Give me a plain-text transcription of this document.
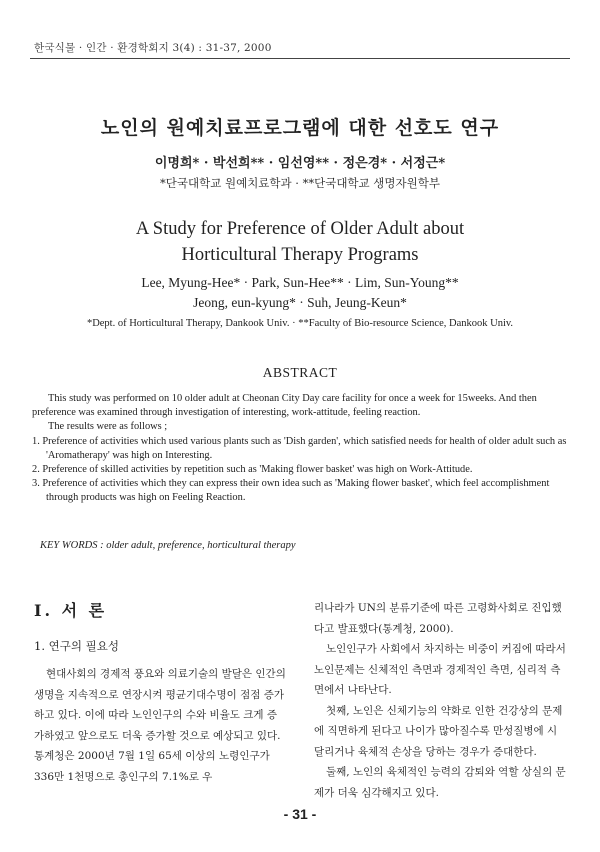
한국식물 · 인간 · 환경학회지 3(4) : 31-37, 2000
노인의 원예치료프로그램에 대한 선호도 연구
이명희* · 박선희** · 임선영** · 정은경* · 서정근*
*단국대학교 원예치료학과 · **단국대학교 생명자원학부
A Study for Preference of Older Adult about
Horticultural Therapy Programs
Lee, Myung-Hee* · Park, Sun-Hee** · Lim, Sun-Young**
Jeong, eun-kyung* · Suh, Jeung-Keun*
*Dept. of Horticultural Therapy, Dankook Univ. · **Faculty of Bio-resource Science, Dankook Univ.
ABSTRACT

This study was performed on 10 older adult at Cheonan City Day care facility for once a week for 15weeks. And then preference was examined through investigation of interesting, work-attitude, feeling reaction.

The results were as follows ;

1. Preference of activities which used various plants such as 'Dish garden', which satisfied needs for health of older adult such as 'Aromatherapy' was high on Interesting.

2. Preference of skilled activities by repetition such as 'Making flower basket' was high on Work-Attitude.

3. Preference of activities which they can express their own idea such as 'Making flower basket', which feel accomplishment through products was high on Feeling Reaction.

KEY WORDS : older adult, preference, horticultural therapy
Ⅰ. 서 론
1. 연구의 필요성

현대사회의 경제적 풍요와 의료기술의 발달은 인간의 생명을 지속적으로 연장시켜 평균기대수명이 점점 증가하고 있다. 이에 따라 노인인구의 수와 비율도 크게 증가하였고 앞으로도 더욱 증가할 것으로 예상되고 있다. 통계청은 2000년 7월 1일 65세 이상의 노령인구가 336만 1천명으로 총인구의 7.1%로 우

리나라가 UN의 분류기준에 따른 고령화사회로 진입했다고 발표했다(통계청, 2000).

노인인구가 사회에서 차지하는 비중이 커짐에 따라서 노인문제는 신체적인 측면과 경제적인 측면, 심리적 측면에서 나타난다.

첫째, 노인은 신체기능의 약화로 인한 건강상의 문제에 직면하게 된다고 나이가 많아질수록 만성질병에 시달리거나 육체적 손상을 당하는 경우가 증대한다.

둘째, 노인의 육체적인 능력의 감퇴와 역할 상실의 문제가 더욱 심각해지고 있다.

- 31 -
